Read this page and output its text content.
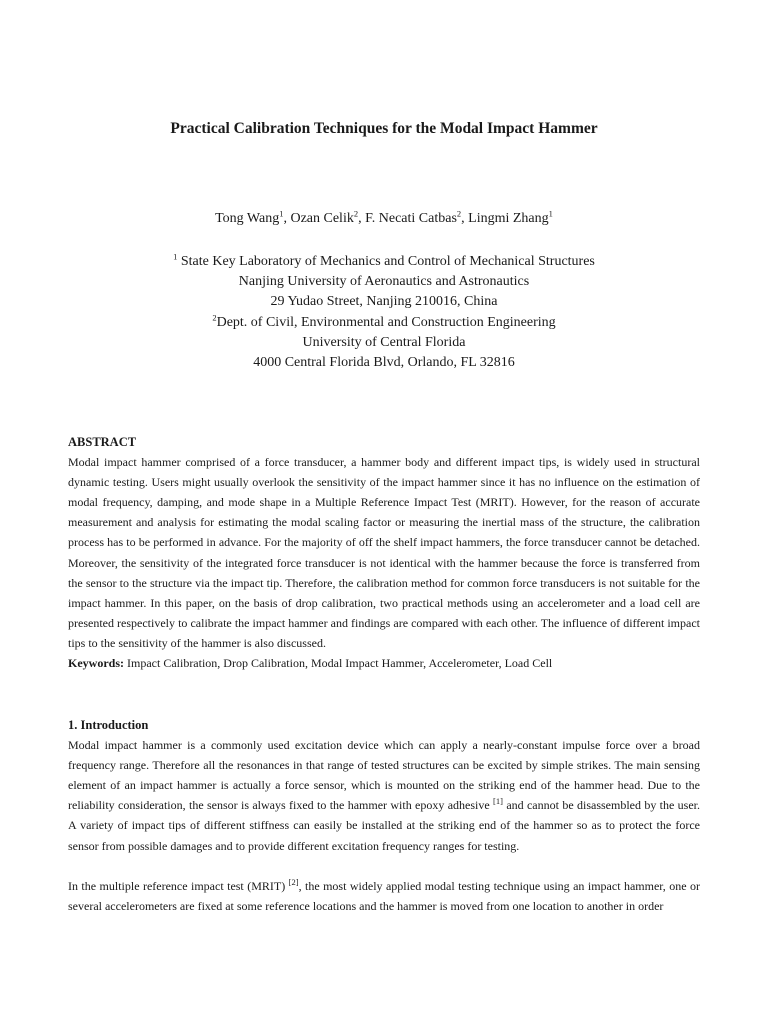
Practical Calibration Techniques for the Modal Impact Hammer
Tong Wang$^1$, Ozan Celik$^2$, F. Necati Catbas$^2$, Lingmi Zhang$^1$
$^1$ State Key Laboratory of Mechanics and Control of Mechanical Structures
Nanjing University of Aeronautics and Astronautics
29 Yudao Street, Nanjing 210016, China
$^2$Dept. of Civil, Environmental and Construction Engineering
University of Central Florida
4000 Central Florida Blvd, Orlando, FL 32816
ABSTRACT
Modal impact hammer comprised of a force transducer, a hammer body and different impact tips, is widely used in structural dynamic testing. Users might usually overlook the sensitivity of the impact hammer since it has no influence on the estimation of modal frequency, damping, and mode shape in a Multiple Reference Impact Test (MRIT). However, for the reason of accurate measurement and analysis for estimating the modal scaling factor or measuring the inertial mass of the structure, the calibration process has to be performed in advance. For the majority of off the shelf impact hammers, the force transducer cannot be detached. Moreover, the sensitivity of the integrated force transducer is not identical with the hammer because the force is transferred from the sensor to the structure via the impact tip. Therefore, the calibration method for common force transducers is not suitable for the impact hammer. In this paper, on the basis of drop calibration, two practical methods using an accelerometer and a load cell are presented respectively to calibrate the impact hammer and findings are compared with each other. The influence of different impact tips to the sensitivity of the hammer is also discussed.
Keywords: Impact Calibration, Drop Calibration, Modal Impact Hammer, Accelerometer, Load Cell
1. Introduction
Modal impact hammer is a commonly used excitation device which can apply a nearly-constant impulse force over a broad frequency range. Therefore all the resonances in that range of tested structures can be excited by simple strikes. The main sensing element of an impact hammer is actually a force sensor, which is mounted on the striking end of the hammer head. Due to the reliability consideration, the sensor is always fixed to the hammer with epoxy adhesive [1] and cannot be disassembled by the user. A variety of impact tips of different stiffness can easily be installed at the striking end of the hammer so as to protect the force sensor from possible damages and to provide different excitation frequency ranges for testing.
In the multiple reference impact test (MRIT) [2], the most widely applied modal testing technique using an impact hammer, one or several accelerometers are fixed at some reference locations and the hammer is moved from one location to another in order
